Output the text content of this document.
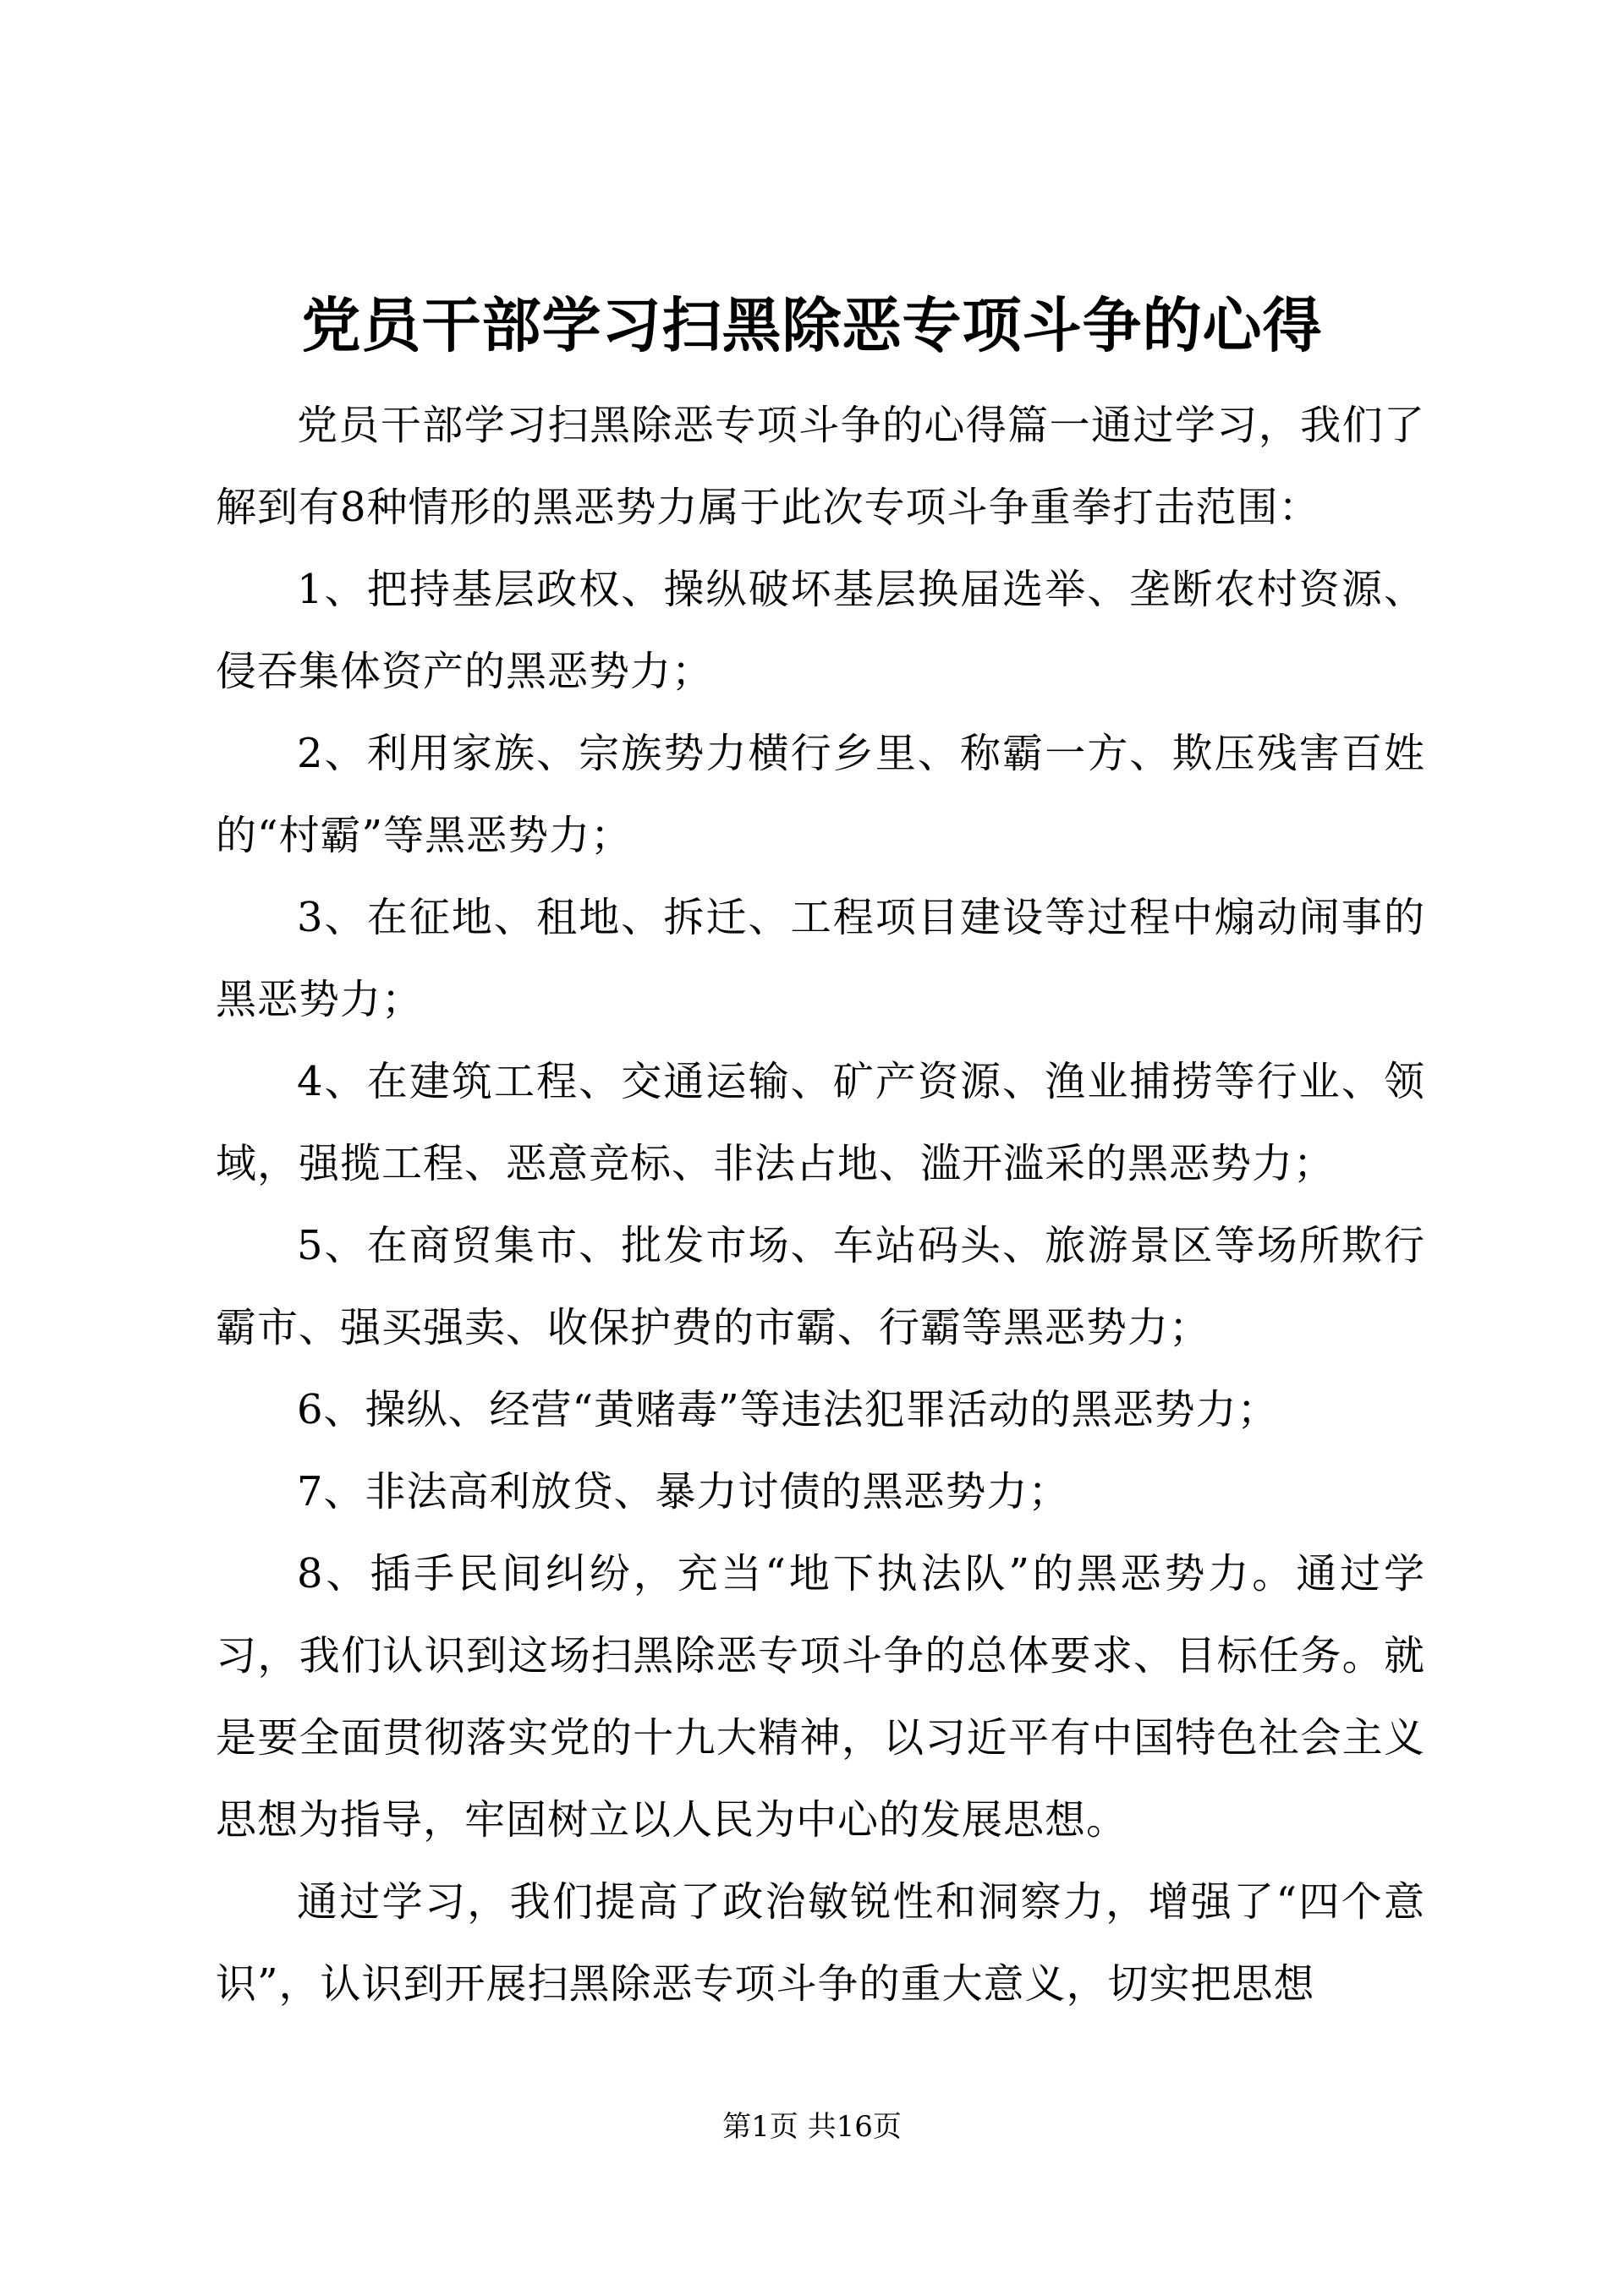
党员干部学习扫黑除恶专项斗争的心得

党员干部学习扫黑除恶专项斗争的心得篇一通过学习，我们了解到有8种情形的黑恶势力属于此次专项斗争重拳打击范围：

1、把持基层政权、操纵破坏基层换届选举、垄断农村资源、侵吞集体资产的黑恶势力；

2、利用家族、宗族势力横行乡里、称霸一方、欺压残害百姓的“村霸”等黑恶势力；

3、在征地、租地、拆迁、工程项目建设等过程中煽动闹事的黑恶势力；

4、在建筑工程、交通运输、矿产资源、渔业捕捞等行业、领域，强揽工程、恶意竞标、非法占地、滥开滥采的黑恶势力；

5、在商贸集市、批发市场、车站码头、旅游景区等场所欺行霸市、强买强卖、收保护费的市霸、行霸等黑恶势力；

6、操纵、经营“黄赌毒”等违法犯罪活动的黑恶势力；

7、非法高利放贷、暴力讨债的黑恶势力；

8、插手民间纠纷，充当“地下执法队”的黑恶势力。通过学习，我们认识到这场扫黑除恶专项斗争的总体要求、目标任务。就是要全面贯彻落实党的十九大精神，以习近平有中国特色社会主义思想为指导，牢固树立以人民为中心的发展思想。

通过学习，我们提高了政治敏锐性和洞察力，增强了“四个意识”，认识到开展扫黑除恶专项斗争的重大意义，切实把思想

第1页 共16页
